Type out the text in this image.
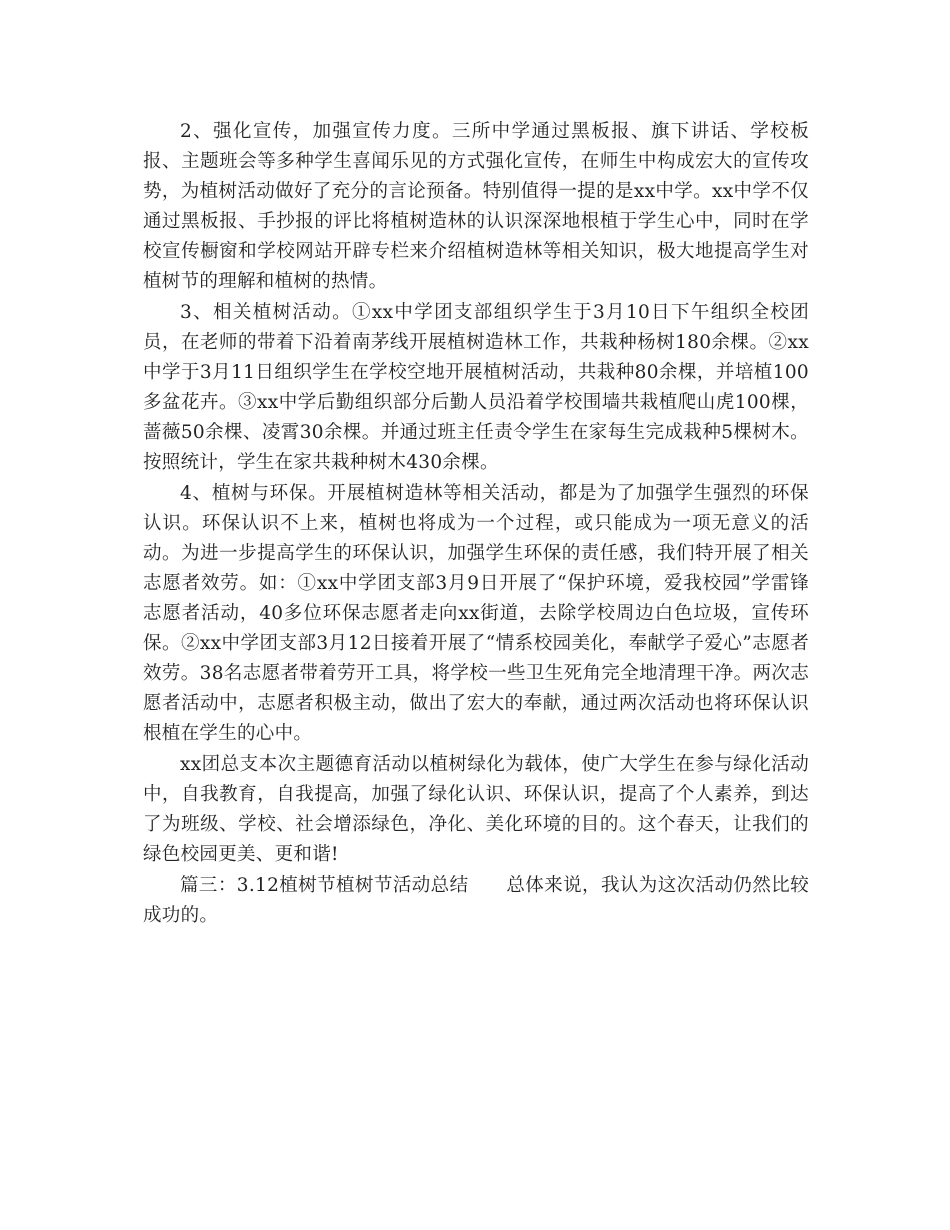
2、强化宣传，加强宣传力度。三所中学通过黑板报、旗下讲话、学校板报、主题班会等多种学生喜闻乐见的方式强化宣传，在师生中构成宏大的宣传攻势，为植树活动做好了充分的言论预备。特别值得一提的是xx中学。xx中学不仅通过黑板报、手抄报的评比将植树造林的认识深深地根植于学生心中，同时在学校宣传橱窗和学校网站开辟专栏来介绍植树造林等相关知识，极大地提高学生对植树节的理解和植树的热情。

3、相关植树活动。①xx中学团支部组织学生于3月10日下午组织全校团员，在老师的带着下沿着南茅线开展植树造林工作，共栽种杨树180余棵。②xx中学于3月11日组织学生在学校空地开展植树活动，共栽种80余棵，并培植100多盆花卉。③xx中学后勤组织部分后勤人员沿着学校围墙共栽植爬山虎100棵，蔷薇50余棵、凌霄30余棵。并通过班主任责令学生在家每生完成栽种5棵树木。按照统计，学生在家共栽种树木430余棵。

4、植树与环保。开展植树造林等相关活动，都是为了加强学生强烈的环保认识。环保认识不上来，植树也将成为一个过程，或只能成为一项无意义的活动。为进一步提高学生的环保认识，加强学生环保的责任感，我们特开展了相关志愿者效劳。如：①xx中学团支部3月9日开展了“保护环境，爱我校园”学雷锋志愿者活动，40多位环保志愿者走向xx街道，去除学校周边白色垃圾，宣传环保。②xx中学团支部3月12日接着开展了“情系校园美化，奉献学子爱心”志愿者效劳。38名志愿者带着劳开工具，将学校一些卫生死角完全地清理干净。两次志愿者活动中，志愿者积极主动，做出了宏大的奉献，通过两次活动也将环保认识根植在学生的心中。

xx团总支本次主题德育活动以植树绿化为载体，使广大学生在参与绿化活动中，自我教育，自我提高，加强了绿化认识、环保认识，提高了个人素养，到达了为班级、学校、社会增添绿色，净化、美化环境的目的。这个春天，让我们的绿色校园更美、更和谐!

篇三：3.12植树节植树节活动总结　　总体来说，我认为这次活动仍然比较成功的。
